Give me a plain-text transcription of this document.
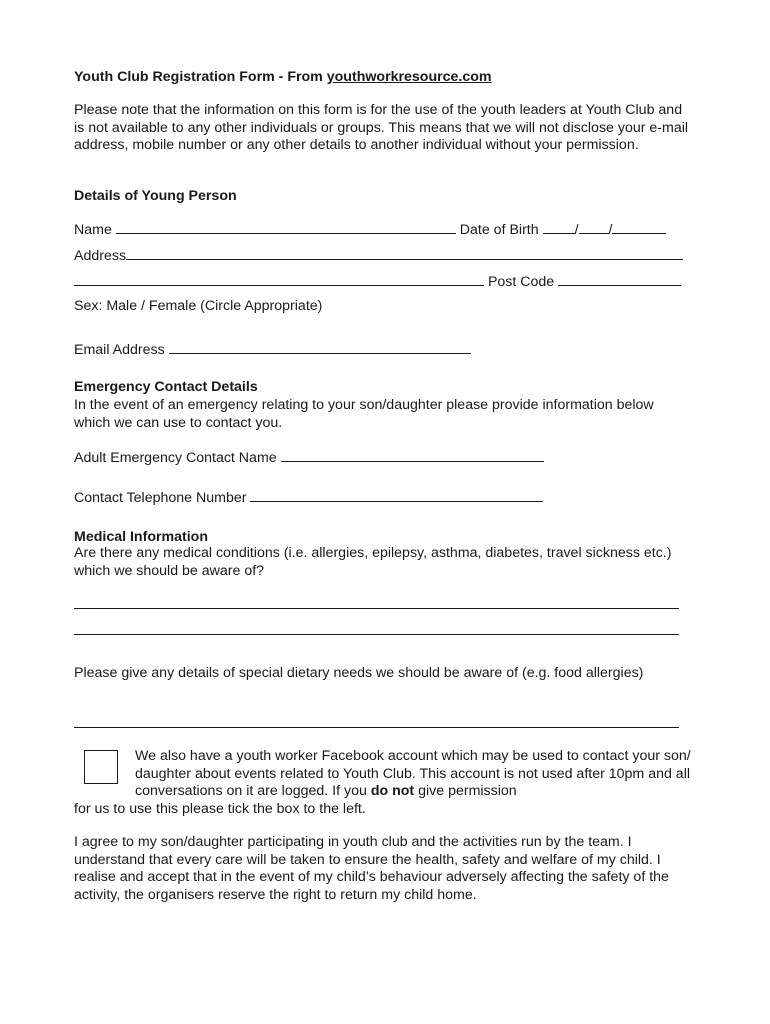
Youth Club Registration Form - From youthworkresource.com
Please note that the information on this form is for the use of the youth leaders at Youth Club and is not available to any other individuals or groups. This means that we will not disclose your e-mail address, mobile number or any other details to another individual without your permission.
Details of Young Person
Name	Date of Birth	/ /
Address
Post Code
Sex: Male / Female (Circle Appropriate)
Email Address
Emergency Contact Details
In the event of an emergency relating to your son/daughter please provide information below which we can use to contact you.
Adult Emergency Contact Name
Contact Telephone Number
Medical Information
Are there any medical conditions (i.e. allergies, epilepsy, asthma, diabetes, travel sickness etc.) which we should be aware of?
Please give any details of special dietary needs we should be aware of (e.g. food allergies)
We also have a youth worker Facebook account which may be used to contact your son/ daughter about events related to Youth Club. This account is not used after 10pm and all conversations on it are logged. If you do not give permission
for us to use this please tick the box to the left.
I agree to my son/daughter participating in youth club and the activities run by the team. I understand that every care will be taken to ensure the health, safety and welfare of my child. I realise and accept that in the event of my child’s behaviour adversely affecting the safety of the activity, the organisers reserve the right to return my child home.
